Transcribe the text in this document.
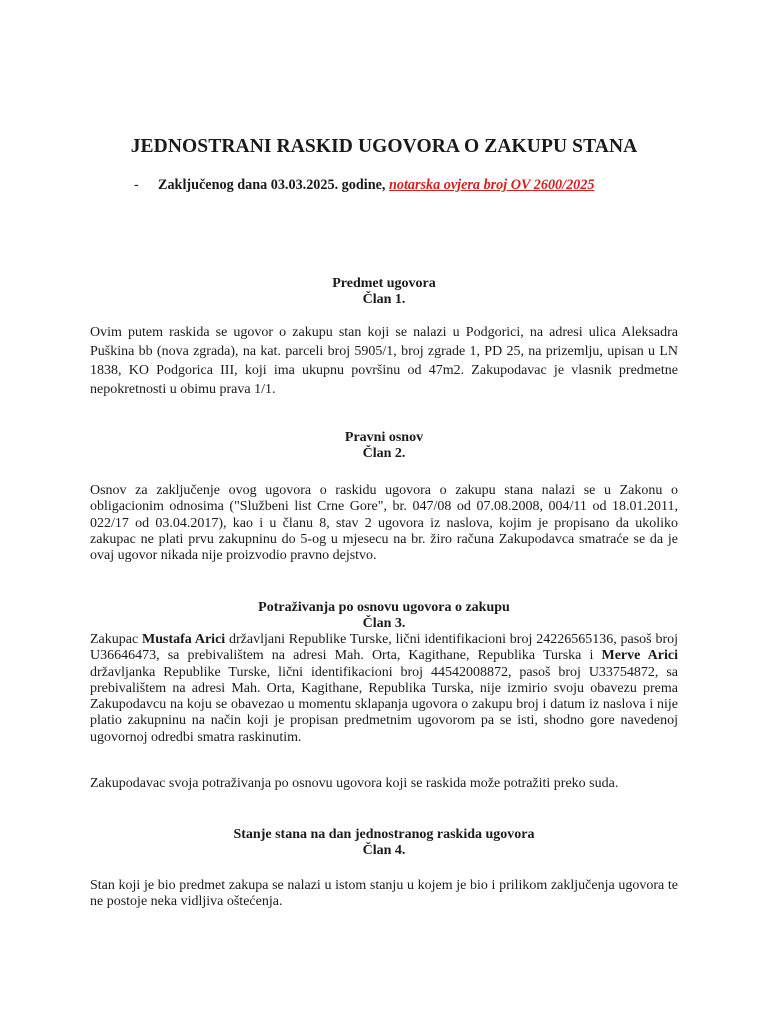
JEDNOSTRANI RASKID UGOVORA O ZAKUPU STANA
- Zaključenog dana 03.03.2025. godine, notarska ovjera broj OV 2600/2025
Predmet ugovora
Član 1.
Ovim putem raskida se ugovor o zakupu stan koji se nalazi u Podgorici, na adresi ulica Aleksadra Puškina bb (nova zgrada), na kat. parceli broj 5905/1, broj zgrade 1, PD 25, na prizemlju, upisan u LN 1838, KO Podgorica III, koji ima ukupnu površinu od 47m2. Zakupodavac je vlasnik predmetne nepokretnosti u obimu prava 1/1.
Pravni osnov
Član 2.
Osnov za zaključenje ovog ugovora o raskidu ugovora o zakupu stana nalazi se u Zakonu o obligacionim odnosima ("Službeni list Crne Gore", br. 047/08 od 07.08.2008, 004/11 od 18.01.2011, 022/17 od 03.04.2017), kao i u članu 8, stav 2 ugovora iz naslova, kojim je propisano da ukoliko zakupac ne plati prvu zakupninu do 5-og u mjesecu na br. žiro računa Zakupodavca smatraće se da je ovaj ugovor nikada nije proizvodio pravno dejstvo.
Potraživanja po osnovu ugovora o zakupu
Član 3.
Zakupac Mustafa Arici državljani Republike Turske, lični identifikacioni broj 24226565136, pasoš broj U36646473, sa prebivalištem na adresi Mah. Orta, Kagithane, Republika Turska i Merve Arici državljanka Republike Turske, lični identifikacioni broj 44542008872, pasoš broj U33754872, sa prebivalištem na adresi Mah. Orta, Kagithane, Republika Turska, nije izmirio svoju obavezu prema Zakupodavcu na koju se obavezao u momentu sklapanja ugovora o zakupu broj i datum iz naslova i nije platio zakupninu na način koji je propisan predmetnim ugovorom pa se isti, shodno gore navedenoj ugovornoj odredbi smatra raskinutim.
Zakupodavac svoja potraživanja po osnovu ugovora koji se raskida može potražiti preko suda.
Stanje stana na dan jednostranog raskida ugovora
Član 4.
Stan koji je bio predmet zakupa se nalazi u istom stanju u kojem je bio i prilikom zaključenja ugovora te ne postoje neka vidljiva oštećenja.
